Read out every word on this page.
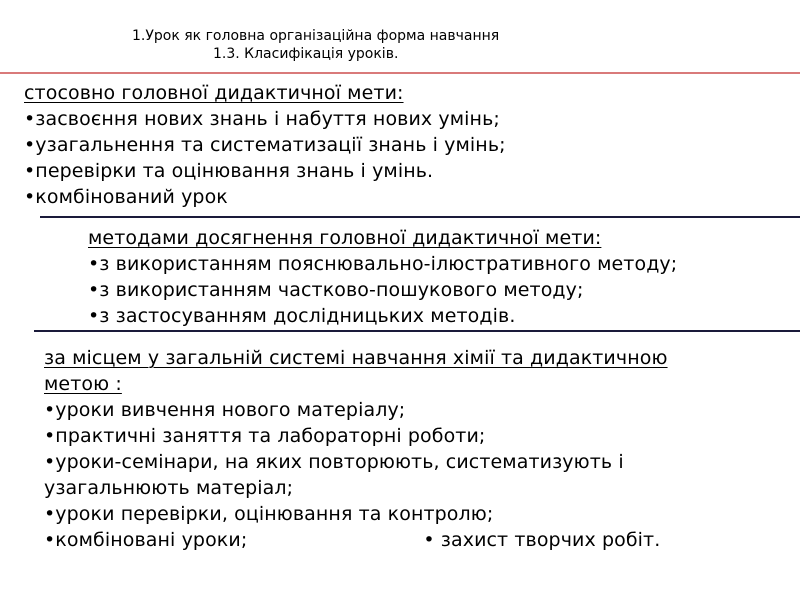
1.Урок як головна організаційна форма навчання
1.3. Класифікація уроків.
стосовно головної дидактичної мети:
•засвоєння нових знань і набуття нових умінь;
•узагальнення та систематизації знань і умінь;
•перевірки та оцінювання знань і умінь.
•комбінований урок
методами досягнення головної дидактичної мети:
•з використанням пояснювально-ілюстративного методу;
•з використанням частково-пошукового методу;
•з застосуванням дослідницьких методів.
за місцем у загальній системі навчання хімії та дидактичною
метою :
•уроки вивчення нового матеріалу;
•практичні заняття та лабораторні роботи;
•уроки-семінари, на яких повторюють, систематизують і
узагальнюють матеріал;
•уроки перевірки, оцінювання та контролю;
•комбіновані уроки;	• захист творчих робіт.
